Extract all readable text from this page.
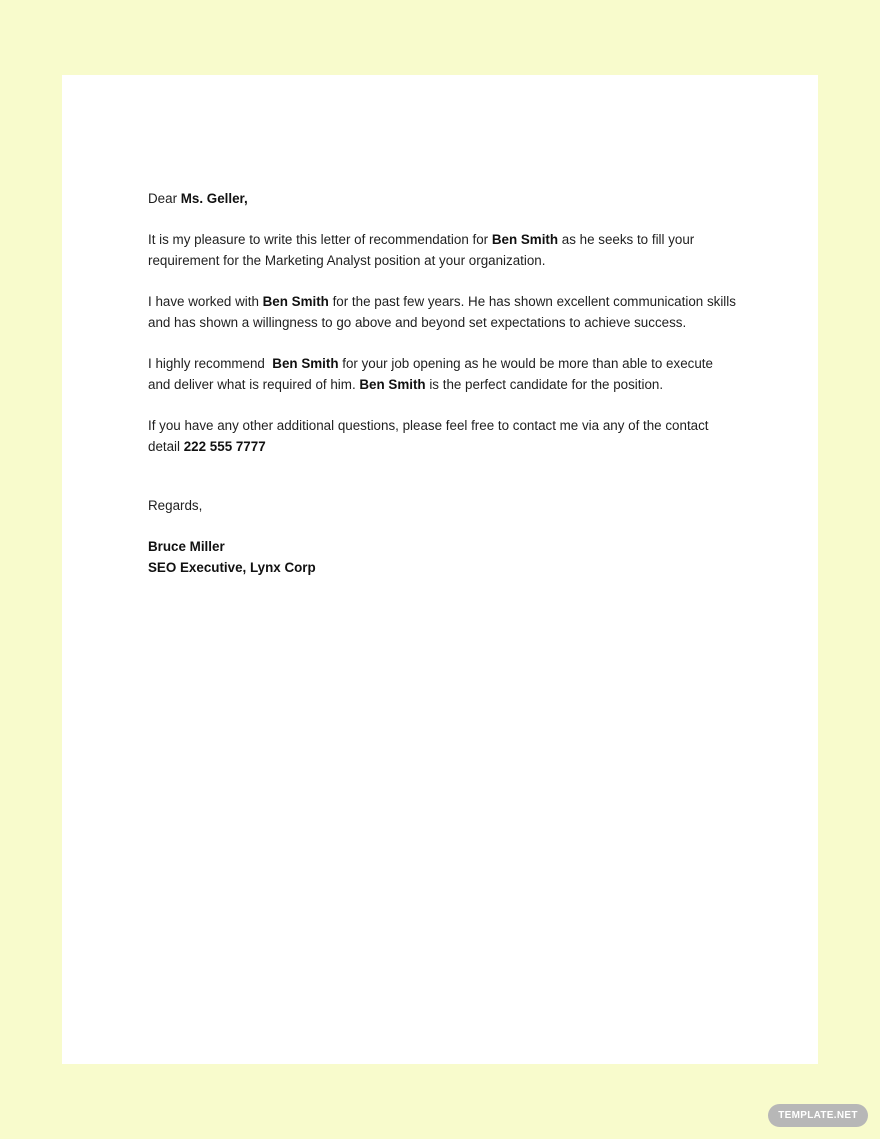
Dear Ms. Geller,

It is my pleasure to write this letter of recommendation for Ben Smith as he seeks to fill your requirement for the Marketing Analyst position at your organization.

I have worked with Ben Smith for the past few years. He has shown excellent communication skills and has shown a willingness to go above and beyond set expectations to achieve success.

I highly recommend  Ben Smith for your job opening as he would be more than able to execute and deliver what is required of him. Ben Smith is the perfect candidate for the position.

If you have any other additional questions, please feel free to contact me via any of the contact detail 222 555 7777

Regards,

Bruce Miller
SEO Executive, Lynx Corp
TEMPLATE.NET
